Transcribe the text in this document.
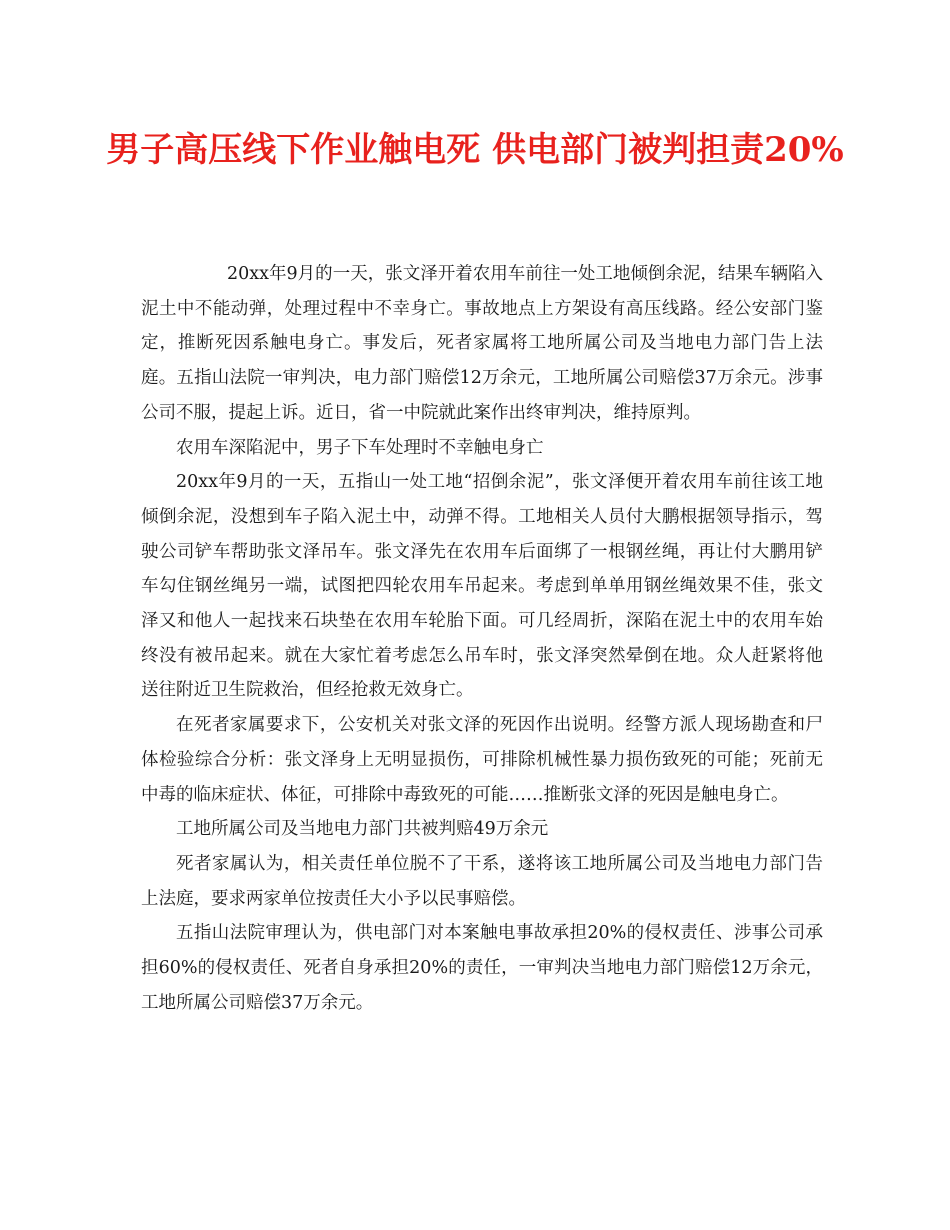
男子高压线下作业触电死 供电部门被判担责20%

20xx年9月的一天，张文泽开着农用车前往一处工地倾倒余泥，结果车辆陷入泥土中不能动弹，处理过程中不幸身亡。事故地点上方架设有高压线路。经公安部门鉴定，推断死因系触电身亡。事发后，死者家属将工地所属公司及当地电力部门告上法庭。五指山法院一审判决，电力部门赔偿12万余元，工地所属公司赔偿37万余元。涉事公司不服，提起上诉。近日，省一中院就此案作出终审判决，维持原判。

农用车深陷泥中，男子下车处理时不幸触电身亡

20xx年9月的一天，五指山一处工地“招倒余泥”，张文泽便开着农用车前往该工地倾倒余泥，没想到车子陷入泥土中，动弹不得。工地相关人员付大鹏根据领导指示，驾驶公司铲车帮助张文泽吊车。张文泽先在农用车后面绑了一根钢丝绳，再让付大鹏用铲车勾住钢丝绳另一端，试图把四轮农用车吊起来。考虑到单单用钢丝绳效果不佳，张文泽又和他人一起找来石块垫在农用车轮胎下面。可几经周折，深陷在泥土中的农用车始终没有被吊起来。就在大家忙着考虑怎么吊车时，张文泽突然晕倒在地。众人赶紧将他送往附近卫生院救治，但经抢救无效身亡。

在死者家属要求下，公安机关对张文泽的死因作出说明。经警方派人现场勘查和尸体检验综合分析：张文泽身上无明显损伤，可排除机械性暴力损伤致死的可能；死前无中毒的临床症状、体征，可排除中毒致死的可能……推断张文泽的死因是触电身亡。

工地所属公司及当地电力部门共被判赔49万余元

死者家属认为，相关责任单位脱不了干系，遂将该工地所属公司及当地电力部门告上法庭，要求两家单位按责任大小予以民事赔偿。

五指山法院审理认为，供电部门对本案触电事故承担20%的侵权责任、涉事公司承担60%的侵权责任、死者自身承担20%的责任，一审判决当地电力部门赔偿12万余元，工地所属公司赔偿37万余元。
